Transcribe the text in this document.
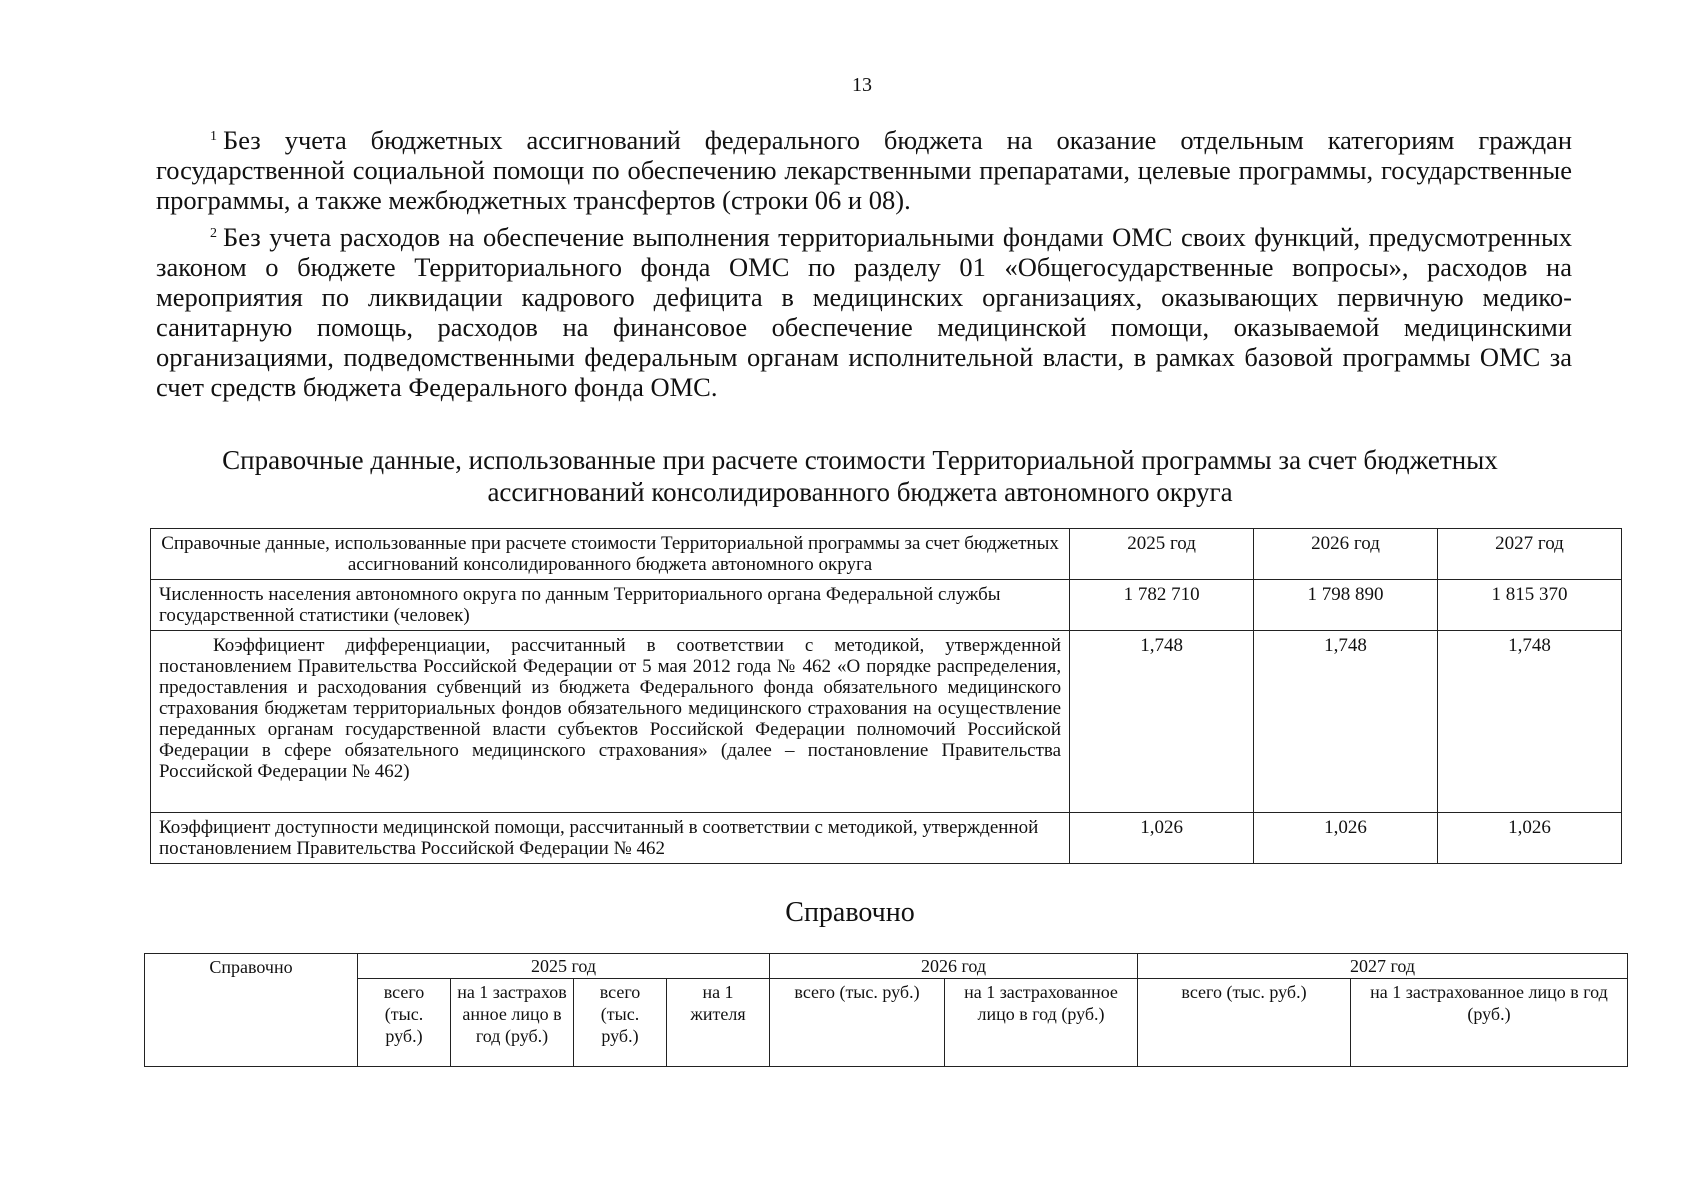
13

$^1$ Без учета бюджетных ассигнований федерального бюджета на оказание отдельным категориям граждан государственной социальной помощи по обеспечению лекарственными препаратами, целевые программы, государственные программы, а также межбюджетных трансфертов (строки 06 и 08).

$^2$ Без учета расходов на обеспечение выполнения территориальными фондами ОМС своих функций, предусмотренных законом о бюджете Территориального фонда ОМС по разделу 01 «Общегосударственные вопросы», расходов на мероприятия по ликвидации кадрового дефицита в медицинских организациях, оказывающих первичную медико-санитарную помощь, расходов на финансовое обеспечение медицинской помощи, оказываемой медицинскими организациями, подведомственными федеральным органам исполнительной власти, в рамках базовой программы ОМС за счет средств бюджета Федерального фонда ОМС.

Справочные данные, использованные при расчете стоимости Территориальной программы за счет бюджетных ассигнований консолидированного бюджета автономного округа
Справочные данные, использованные при расчете стоимости Территориальной программы за счет бюджетных ассигнований консолидированного бюджета автономного округа	2025 год	2026 год	2027 год
Численность населения автономного округа по данным Территориального органа Федеральной службы государственной статистики (человек)	1 782 710	1 798 890	1 815 370
Коэффициент дифференциации, рассчитанный в соответствии с методикой, утвержденной постановлением Правительства Российской Федерации от 5 мая 2012 года № 462 «О порядке распределения, предоставления и расходования субвенций из бюджета Федерального фонда обязательного медицинского страхования бюджетам территориальных фондов обязательного медицинского страхования на осуществление переданных органам государственной власти субъектов Российской Федерации полномочий Российской Федерации в сфере обязательного медицинского страхования» (далее – постановление Правительства Российской Федерации № 462)	1,748	1,748	1,748
Коэффициент доступности медицинской помощи, рассчитанный в соответствии с методикой, утвержденной постановлением Правительства Российской Федерации № 462	1,026	1,026	1,026
Справочно
Справочно	2025 год				2026 год		2027 год	
	всего (тыс. руб.)	на 1 застрахов анное лицо в год (руб.)	всего (тыс. руб.)	на 1 жителя	всего (тыс. руб.)	на 1 застрахованное лицо в год (руб.)	всего (тыс. руб.)	на 1 застрахованное лицо в год (руб.)
